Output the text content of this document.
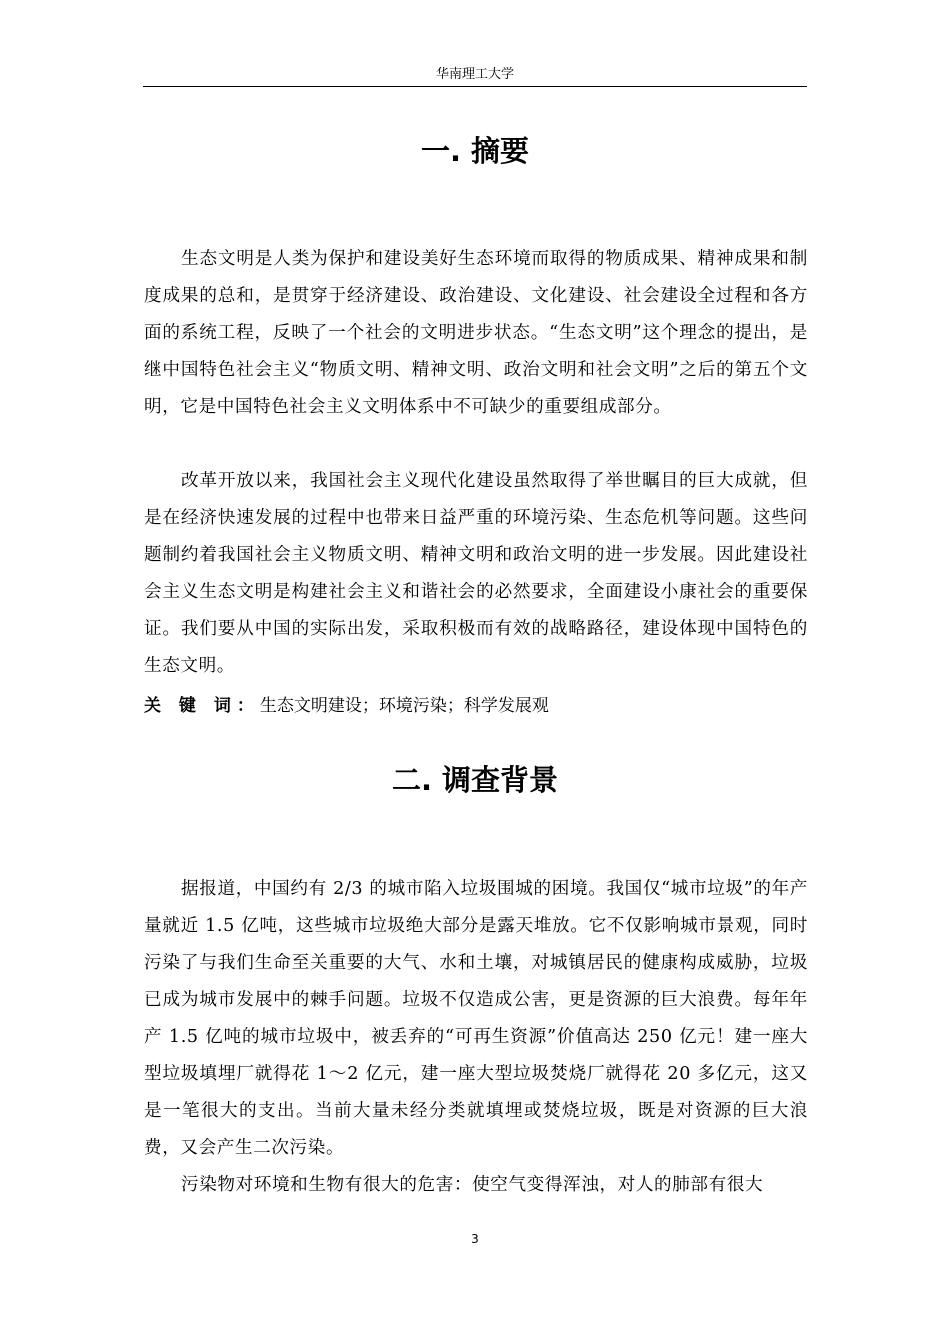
华南理工大学
一. 摘要

生态文明是人类为保护和建设美好生态环境而取得的物质成果、精神成果和制度成果的总和，是贯穿于经济建设、政治建设、文化建设、社会建设全过程和各方面的系统工程，反映了一个社会的文明进步状态。“生态文明”这个理念的提出，是继中国特色社会主义“物质文明、精神文明、政治文明和社会文明”之后的第五个文明，它是中国特色社会主义文明体系中不可缺少的重要组成部分。

改革开放以来，我国社会主义现代化建设虽然取得了举世瞩目的巨大成就，但是在经济快速发展的过程中也带来日益严重的环境污染、生态危机等问题。这些问题制约着我国社会主义物质文明、精神文明和政治文明的进一步发展。因此建设社会主义生态文明是构建社会主义和谐社会的必然要求，全面建设小康社会的重要保证。我们要从中国的实际出发，采取积极而有效的战略路径，建设体现中国特色的生态文明。

关 键 词：生态文明建设；环境污染；科学发展观
二. 调查背景

据报道，中国约有 2/3 的城市陷入垃圾围城的困境。我国仅“城市垃圾”的年产量就近 1.5 亿吨，这些城市垃圾绝大部分是露天堆放。它不仅影响城市景观，同时污染了与我们生命至关重要的大气、水和土壤，对城镇居民的健康构成威胁，垃圾已成为城市发展中的棘手问题。垃圾不仅造成公害，更是资源的巨大浪费。每年年产 1.5 亿吨的城市垃圾中，被丢弃的“可再生资源”价值高达 250 亿元！建一座大型垃圾填埋厂就得花 1～2 亿元，建一座大型垃圾焚烧厂就得花 20 多亿元，这又是一笔很大的支出。当前大量未经分类就填埋或焚烧垃圾，既是对资源的巨大浪费，又会产生二次污染。

污染物对环境和生物有很大的危害：使空气变得浑浊，对人的肺部有很大

3
